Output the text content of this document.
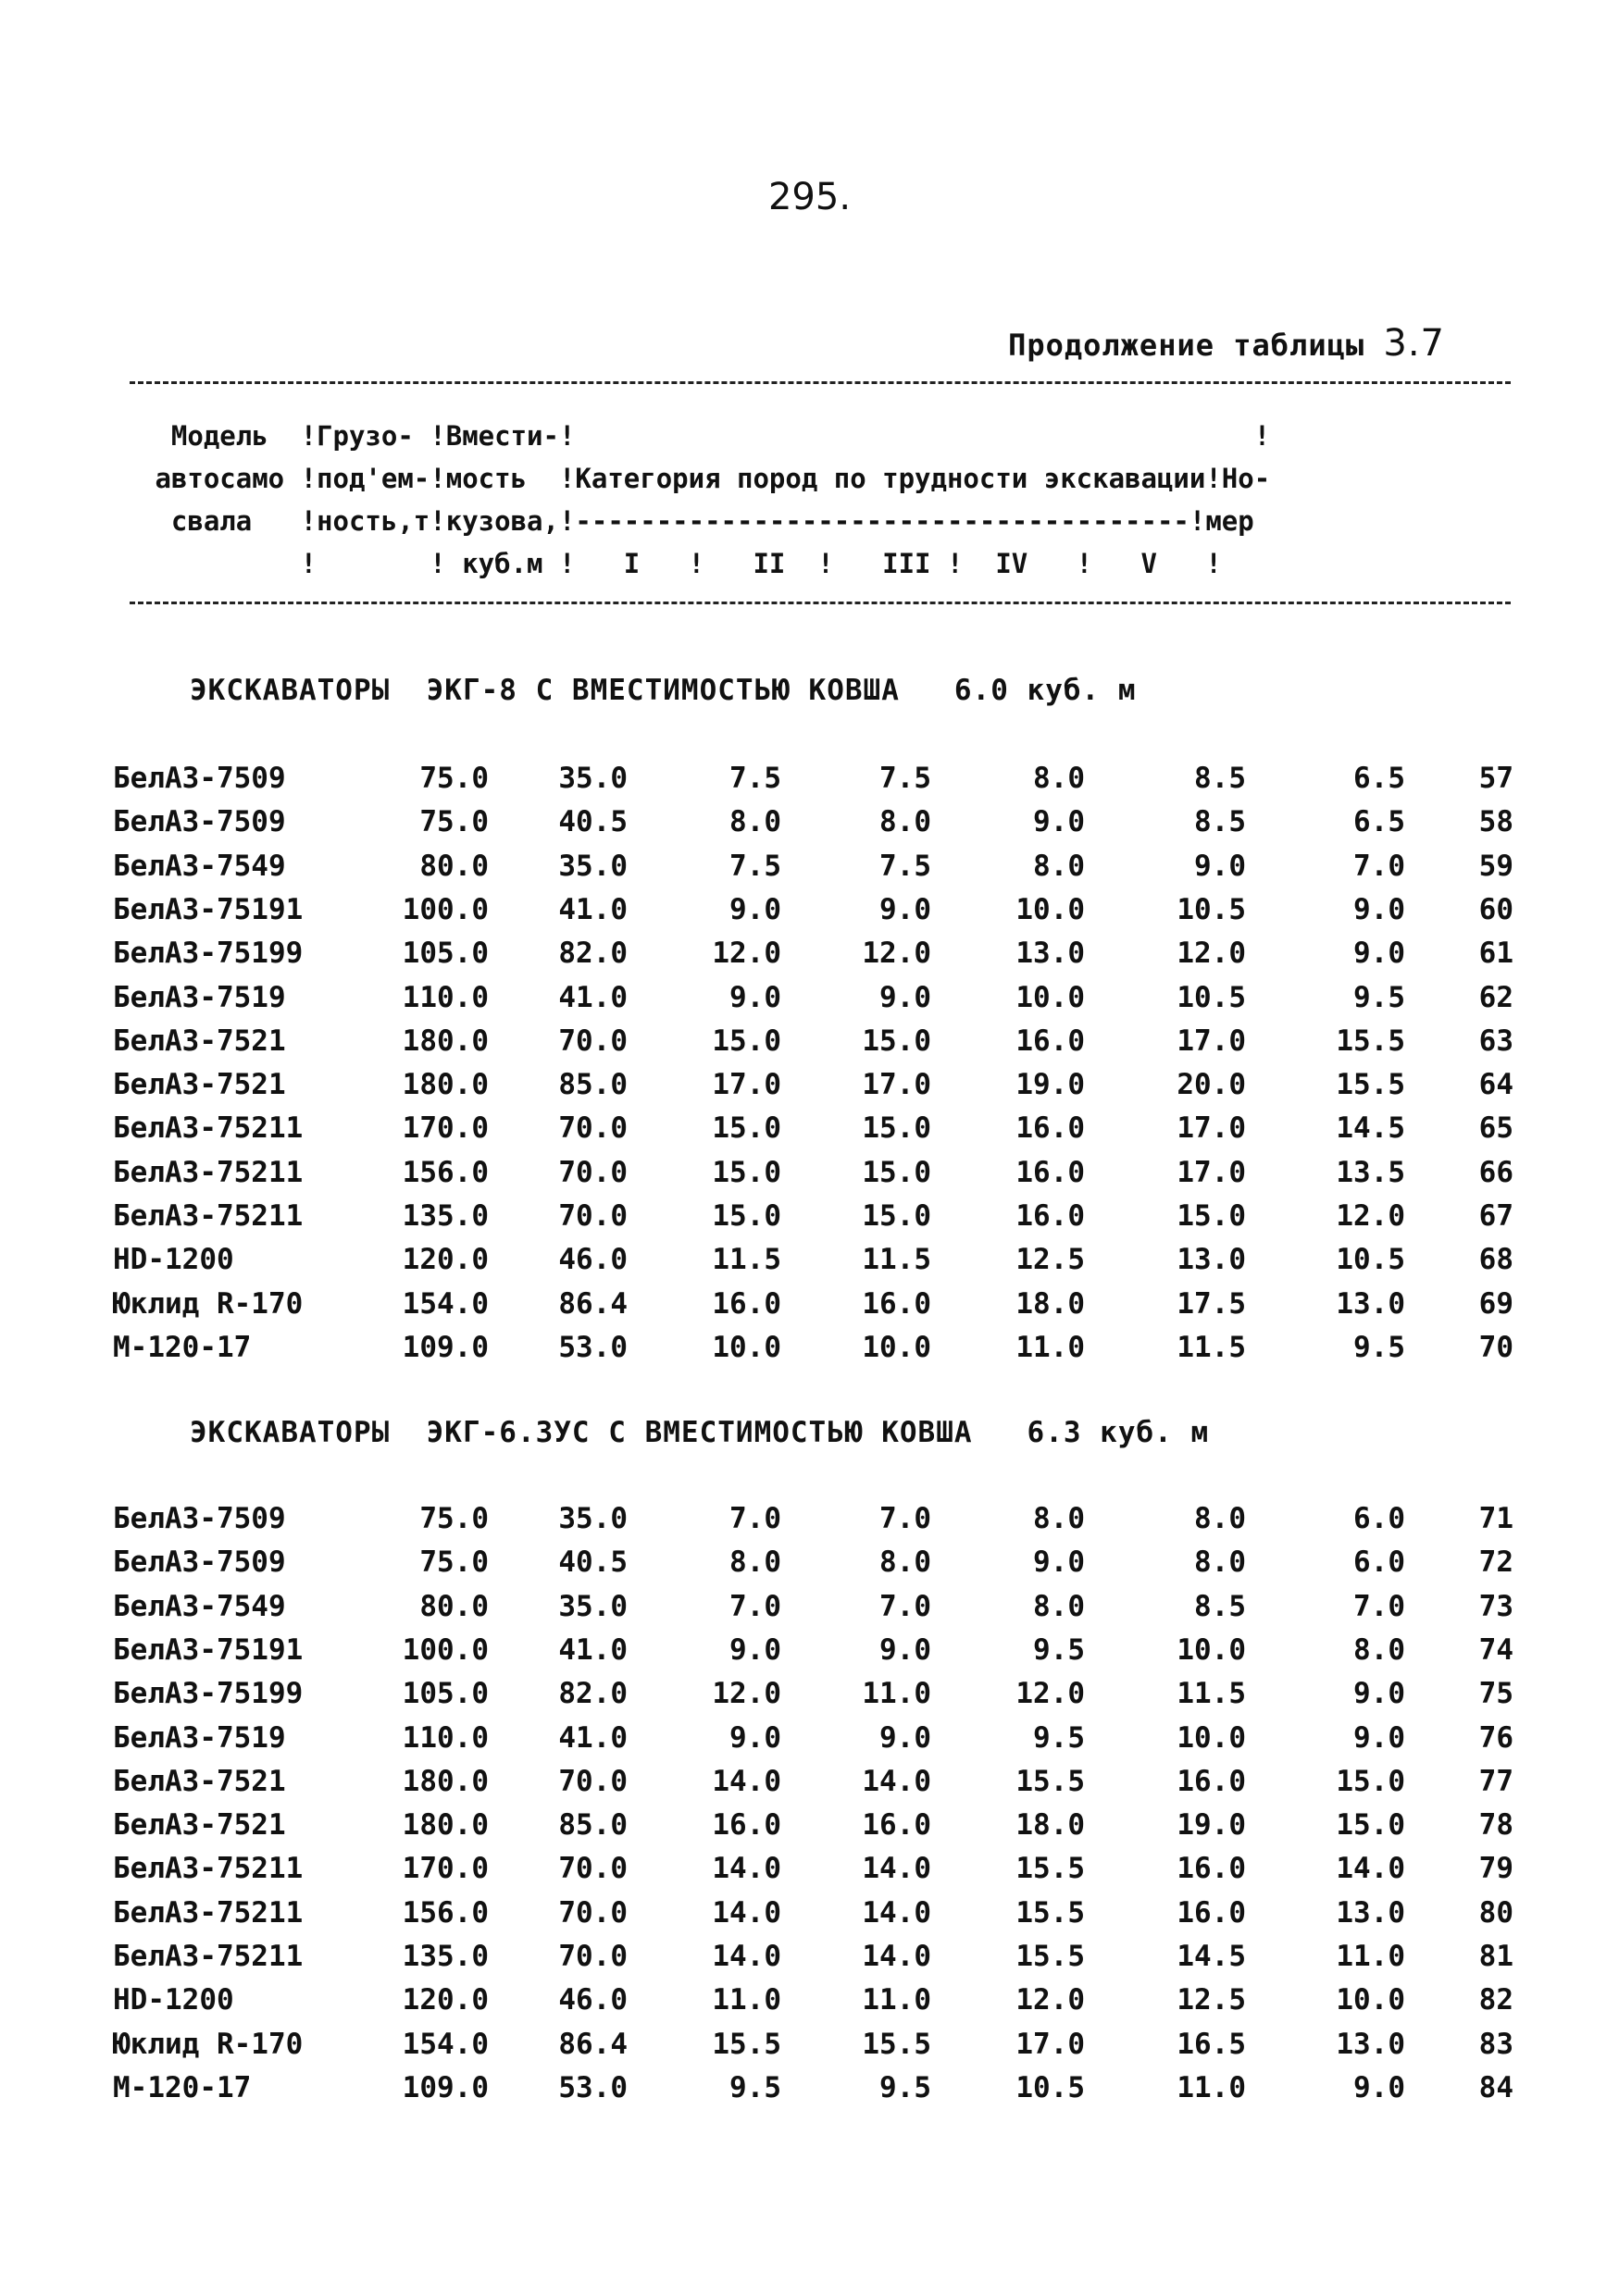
295.
Продолжение таблицы 3.7

Модель  !Грузо- !Вмести-!                                          !

автосамо !под'ем-!мость  !Категория пород по трудности экскавации!Но-

свала   !ность,т!кузова,!--------------------------------------!мер

!       ! куб.м !   I   !   II  !   III !  IV   !   V   !

ЭКСКАВАТОРЫ  ЭКГ-8 С ВМЕСТИМОСТЬЮ КОВША   6.0 куб. м
БелАЗ-7509	75.0	35.0	7.5	7.5	8.0	8.5	6.5	57
БелАЗ-7509	75.0	40.5	8.0	8.0	9.0	8.5	6.5	58
БелАЗ-7549	80.0	35.0	7.5	7.5	8.0	9.0	7.0	59
БелАЗ-75191	100.0	41.0	9.0	9.0	10.0	10.5	9.0	60
БелАЗ-75199	105.0	82.0	12.0	12.0	13.0	12.0	9.0	61
БелАЗ-7519	110.0	41.0	9.0	9.0	10.0	10.5	9.5	62
БелАЗ-7521	180.0	70.0	15.0	15.0	16.0	17.0	15.5	63
БелАЗ-7521	180.0	85.0	17.0	17.0	19.0	20.0	15.5	64
БелАЗ-75211	170.0	70.0	15.0	15.0	16.0	17.0	14.5	65
БелАЗ-75211	156.0	70.0	15.0	15.0	16.0	17.0	13.5	66
БелАЗ-75211	135.0	70.0	15.0	15.0	16.0	15.0	12.0	67
HD-1200	120.0	46.0	11.5	11.5	12.5	13.0	10.5	68
Юклид R-170	154.0	86.4	16.0	16.0	18.0	17.5	13.0	69
М-120-17	109.0	53.0	10.0	10.0	11.0	11.5	9.5	70
ЭКСКАВАТОРЫ  ЭКГ-6.3УС С ВМЕСТИМОСТЬЮ КОВША   6.3 куб. м
БелАЗ-7509	75.0	35.0	7.0	7.0	8.0	8.0	6.0	71
БелАЗ-7509	75.0	40.5	8.0	8.0	9.0	8.0	6.0	72
БелАЗ-7549	80.0	35.0	7.0	7.0	8.0	8.5	7.0	73
БелАЗ-75191	100.0	41.0	9.0	9.0	9.5	10.0	8.0	74
БелАЗ-75199	105.0	82.0	12.0	11.0	12.0	11.5	9.0	75
БелАЗ-7519	110.0	41.0	9.0	9.0	9.5	10.0	9.0	76
БелАЗ-7521	180.0	70.0	14.0	14.0	15.5	16.0	15.0	77
БелАЗ-7521	180.0	85.0	16.0	16.0	18.0	19.0	15.0	78
БелАЗ-75211	170.0	70.0	14.0	14.0	15.5	16.0	14.0	79
БелАЗ-75211	156.0	70.0	14.0	14.0	15.5	16.0	13.0	80
БелАЗ-75211	135.0	70.0	14.0	14.0	15.5	14.5	11.0	81
HD-1200	120.0	46.0	11.0	11.0	12.0	12.5	10.0	82
Юклид R-170	154.0	86.4	15.5	15.5	17.0	16.5	13.0	83
М-120-17	109.0	53.0	9.5	9.5	10.5	11.0	9.0	84
